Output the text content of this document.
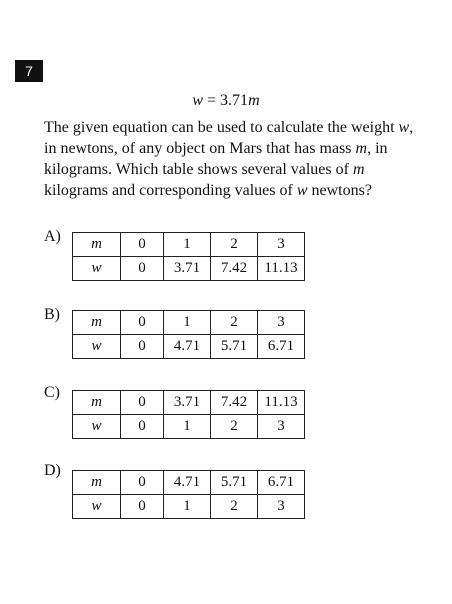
7
w = 3.71m
The given equation can be used to calculate the weight w, in newtons, of any object on Mars that has mass m, in kilograms. Which table shows several values of m kilograms and corresponding values of w newtons?
A) m	0	1	2	3
w	0	3.71	7.42	11.13
B) m	0	1	2	3
w	0	4.71	5.71	6.71
C)
m	0	3.71	7.42	11.13
w	0	1	2	3
D)
m	0	4.71	5.71	6.71
w	0	1	2	3
